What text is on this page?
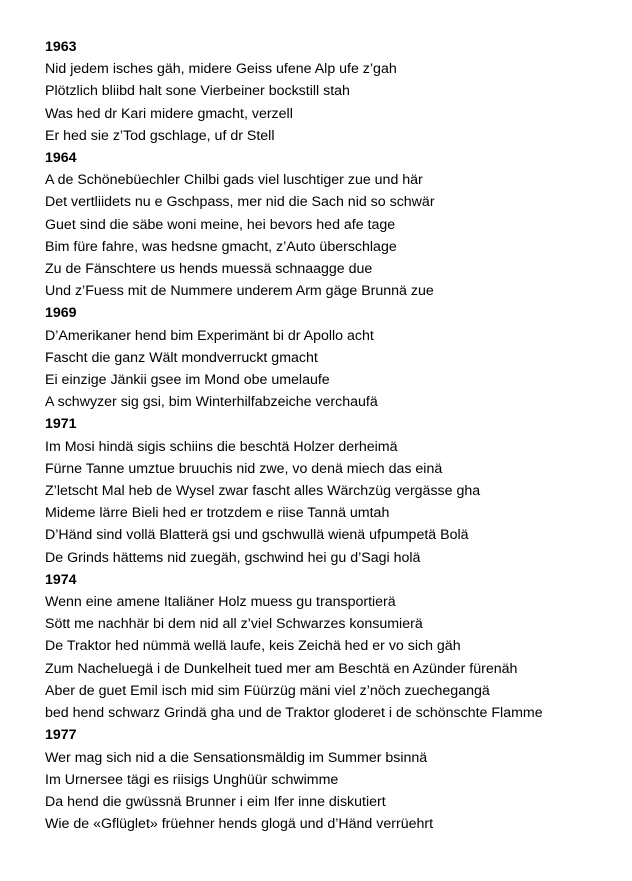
1963
Nid jedem isches gäh, midere Geiss ufene Alp ufe z’gah
Plötzlich bliibd halt sone Vierbeiner bockstill stah
Was hed dr Kari midere gmacht, verzell
Er hed sie z’Tod gschlage, uf dr Stell
1964
A de Schönebüechler Chilbi gads viel luschtiger zue und här
Det vertliidets nu e Gschpass, mer nid die Sach nid so schwär
Guet sind die säbe woni meine, hei bevors hed afe tage
Bim füre fahre, was hedsne gmacht, z’Auto überschlage
Zu de Fänschtere us hends muessä schnaagge due
Und z’Fuess mit de Nummere underem Arm gäge Brunnä zue
1969
D’Amerikaner hend bim Experimänt bi dr Apollo acht
Fascht die ganz Wält mondverruckt gmacht
Ei einzige Jänkii gsee im Mond obe umelaufe
A schwyzer sig gsi, bim Winterhilfabzeiche verchaufä
1971
Im Mosi hindä sigis schiins die beschtä Holzer derheimä
Fürne Tanne umztue bruuchis nid zwe, vo denä miech das einä
Z’letscht Mal heb de Wysel zwar fascht alles Wärchzüg vergässe gha
Mideme lärre Bieli hed er trotzdem e riise Tannä umtah
D’Händ sind vollä Blatterä gsi und gschwullä wienä ufpumpetä Bolä
De Grinds hättems nid zuegäh, gschwind hei gu d’Sagi holä
1974
Wenn eine amene Italiäner Holz muess gu transportierä
Sött me nachhär bi dem nid all z’viel Schwarzes konsumierä
De Traktor hed nümmä wellä laufe, keis Zeichä hed er vo sich gäh
Zum Nacheluegä i de Dunkelheit tued mer am Beschtä en Azünder fürenäh
Aber de guet Emil isch mid sim Füürzüg mäni viel z’nöch zuechegangä
bed hend schwarz Grindä gha und de Traktor gloderet i de schönschte Flamme
1977
Wer mag sich nid a die Sensationsmäldig im Summer bsinnä
Im Urnersee tägi es riisigs Unghüür schwimme
Da hend die gwüssnä Brunner i eim Ifer inne diskutiert
Wie de «Gflüglet» früehner hends glogä und d’Händ verrüehrt
